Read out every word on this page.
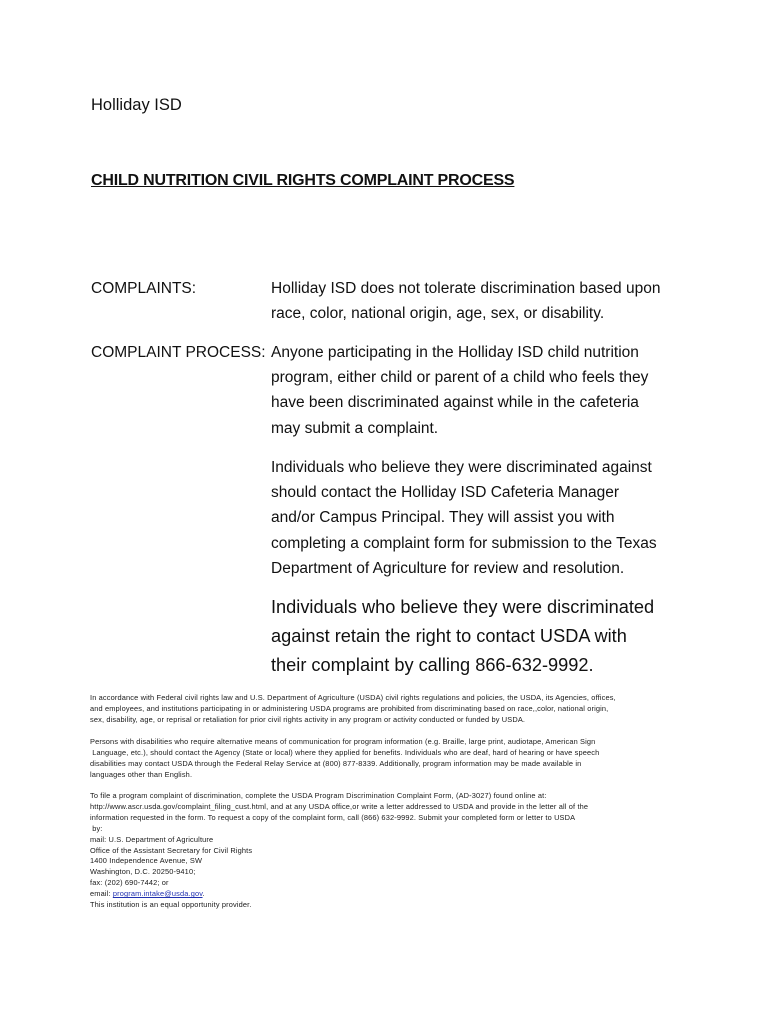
Holliday ISD

CHILD NUTRITION CIVIL RIGHTS COMPLAINT PROCESS

COMPLAINTS:	Holliday ISD does not tolerate discrimination based upon
race, color, national origin, age, sex, or disability.

COMPLAINT PROCESS: Anyone participating in the Holliday ISD child nutrition
program, either child or parent of a child who feels they
have been discriminated against while in the cafeteria
may submit a complaint.

Individuals who believe they were discriminated against
should contact the Holliday ISD Cafeteria Manager
and/or Campus Principal. They will assist you with
completing a complaint form for submission to the Texas
Department of Agriculture for review and resolution.

Individuals who believe they were discriminated
against retain the right to contact USDA with
their complaint by calling 866-632-9992.

In accordance with Federal civil rights law and U.S. Department of Agriculture (USDA) civil rights regulations and policies, the USDA, its Agencies, offices,
and employees, and institutions participating in or administering USDA programs are prohibited from discriminating based on race,,color, national origin,
sex, disability, age, or reprisal or retaliation for prior civil rights activity in any program or activity conducted or funded by USDA.

Persons with disabilities who require alternative means of communication for program information (e.g. Braille, large print, audiotape, American Sign
Language, etc.), should contact the Agency (State or local) where they applied for benefits. Individuals who are deaf, hard of hearing or have speech
disabilities may contact USDA through the Federal Relay Service at (800) 877-8339. Additionally, program information may be made available in
languages other than English.

To file a program complaint of discrimination, complete the USDA Program Discrimination Complaint Form, (AD-3027) found online at:
http://www.ascr.usda.gov/complaint_filing_cust.html, and at any USDA office,or write a letter addressed to USDA and provide in the letter all of the
information requested in the form. To request a copy of the complaint form, call (866) 632-9992. Submit your completed form or letter to USDA
by:
mail: U.S. Department of Agriculture
Office of the Assistant Secretary for Civil Rights
1400 Independence Avenue, SW
Washington, D.C. 20250-9410;
fax: (202) 690-7442; or
email: program.intake@usda.gov.
This institution is an equal opportunity provider.
